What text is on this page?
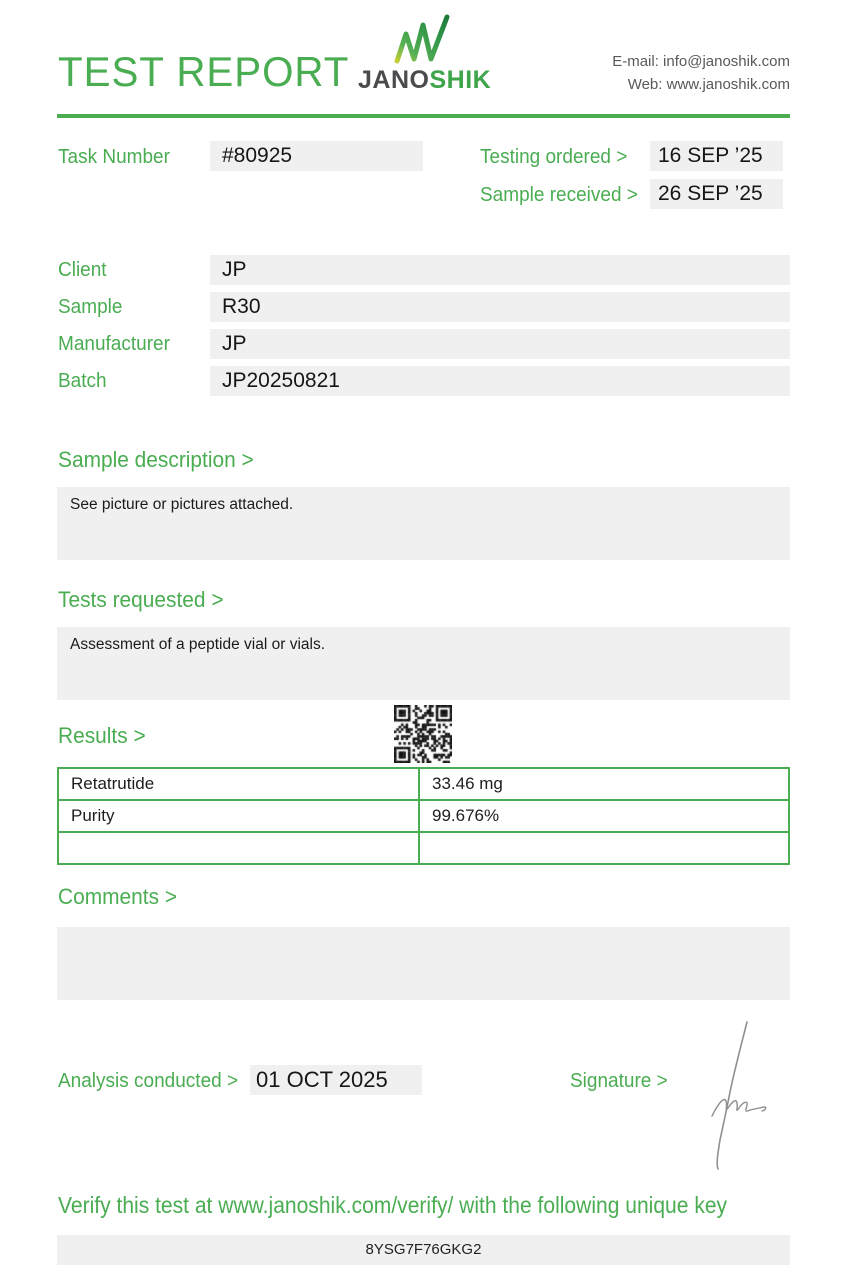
TEST REPORT JANOSHIK
E-mail: info@janoshik.com
Web: www.janoshik.com
Task Number	#80925	Testing ordered >	16 SEP ’25
Sample received > 26 SEP ’25
Client	JP
Sample	R30
Manufacturer	JP
Batch	JP20250821
Sample description >
See picture or pictures attached.
Tests requested >
Assessment of a peptide vial or vials.
Results >
Retatrutide	33.46 mg
Purity	99.676%
Comments >
Analysis conducted > 01 OCT 2025	Signature >
Verify this test at www.janoshik.com/verify/ with the following unique key
8YSG7F76GKG2
